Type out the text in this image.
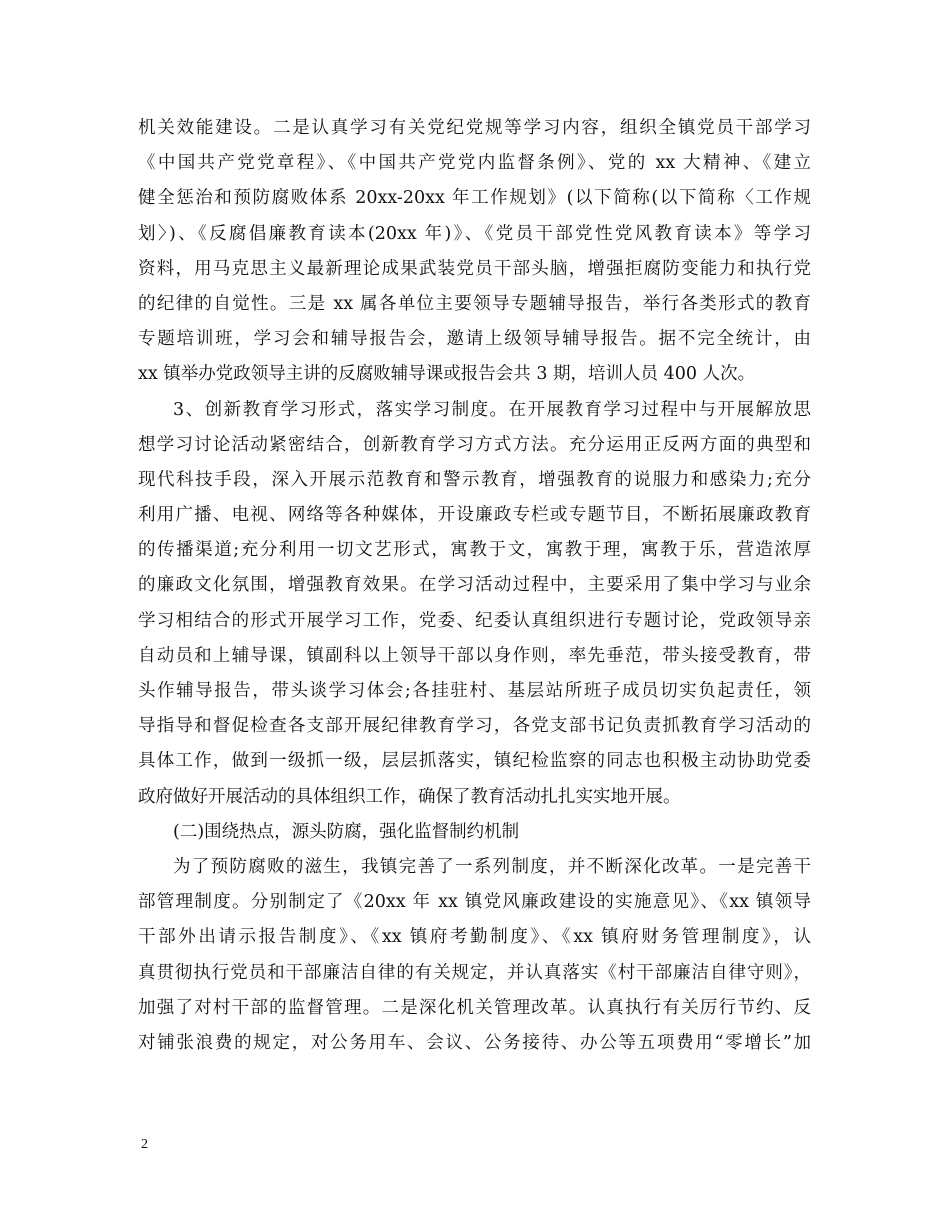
机关效能建设。二是认真学习有关党纪党规等学习内容，组织全镇党员干部学习
《中国共产党党章程》、《中国共产党党内监督条例》、党的 xx 大精神、《建立
健全惩治和预防腐败体系 20xx-20xx 年工作规划》(以下简称(以下简称〈工作规
划〉)、《反腐倡廉教育读本(20xx 年)》、《党员干部党性党风教育读本》等学习
资料，用马克思主义最新理论成果武装党员干部头脑，增强拒腐防变能力和执行党
的纪律的自觉性。三是 xx 属各单位主要领导专题辅导报告，举行各类形式的教育
专题培训班，学习会和辅导报告会，邀请上级领导辅导报告。据不完全统计，由
xx 镇举办党政领导主讲的反腐败辅导课或报告会共 3 期，培训人员 400 人次。
3、创新教育学习形式，落实学习制度。在开展教育学习过程中与开展解放思
想学习讨论活动紧密结合，创新教育学习方式方法。充分运用正反两方面的典型和
现代科技手段，深入开展示范教育和警示教育，增强教育的说服力和感染力;充分
利用广播、电视、网络等各种媒体，开设廉政专栏或专题节目，不断拓展廉政教育
的传播渠道;充分利用一切文艺形式，寓教于文，寓教于理，寓教于乐，营造浓厚
的廉政文化氛围，增强教育效果。在学习活动过程中，主要采用了集中学习与业余
学习相结合的形式开展学习工作，党委、纪委认真组织进行专题讨论，党政领导亲
自动员和上辅导课，镇副科以上领导干部以身作则，率先垂范，带头接受教育，带
头作辅导报告，带头谈学习体会;各挂驻村、基层站所班子成员切实负起责任，领
导指导和督促检查各支部开展纪律教育学习，各党支部书记负责抓教育学习活动的
具体工作，做到一级抓一级，层层抓落实，镇纪检监察的同志也积极主动协助党委
政府做好开展活动的具体组织工作，确保了教育活动扎扎实实地开展。
(二)围绕热点，源头防腐，强化监督制约机制
为了预防腐败的滋生，我镇完善了一系列制度，并不断深化改革。一是完善干
部管理制度。分别制定了《20xx 年 xx 镇党风廉政建设的实施意见》、《xx 镇领导
干部外出请示报告制度》、《xx 镇府考勤制度》、《xx 镇府财务管理制度》，认
真贯彻执行党员和干部廉洁自律的有关规定，并认真落实《村干部廉洁自律守则》，
加强了对村干部的监督管理。二是深化机关管理改革。认真执行有关厉行节约、反
对铺张浪费的规定，对公务用车、会议、公务接待、办公等五项费用“零增长”加
2
